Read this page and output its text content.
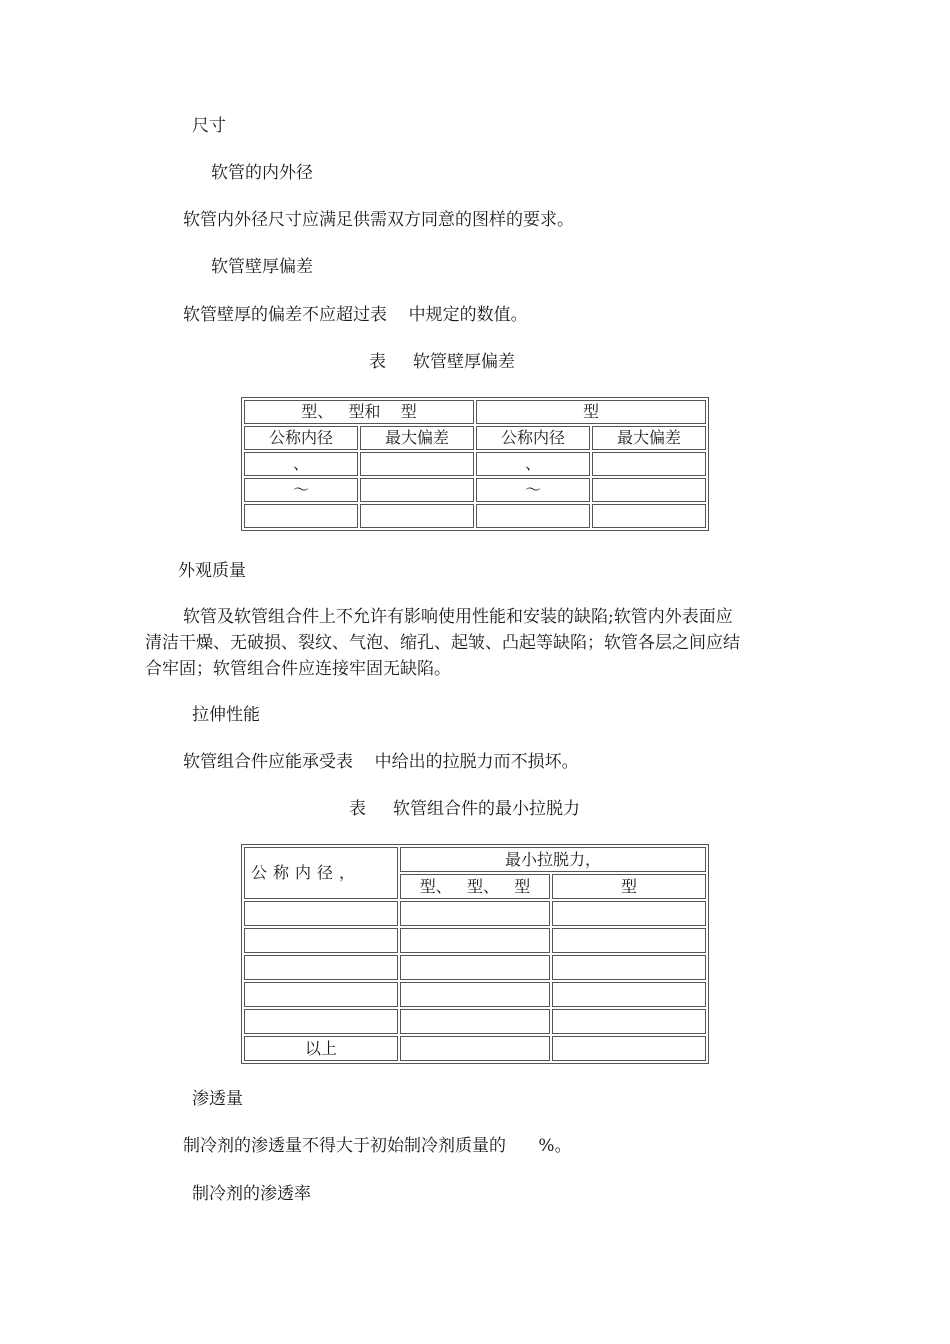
尺寸
软管的内外径
软管内外径尺寸应满足供需双方同意的图样的要求。
软管壁厚偏差
软管壁厚的偏差不应超过表    中规定的数值。
表     软管壁厚偏差
型、   型和    型		型	
公称内径	最大偏差	公称内径	最大偏差
、		、	
～		～	

外观质量
软管及软管组合件上不允许有影响使用性能和安装的缺陷;软管内外表面应
清洁干燥、无破损、裂纹、气泡、缩孔、起皱、凸起等缺陷；软管各层之间应结
合牢固；软管组合件应连接牢固无缺陷。
拉伸性能
软管组合件应能承受表    中给出的拉脱力而不损坏。
表     软管组合件的最小拉脱力
公称内径，	最小拉脱力，	
	型、   型、   型	型

以上		
渗透量
制冷剂的渗透量不得大于初始制冷剂质量的      %。
制冷剂的渗透率
